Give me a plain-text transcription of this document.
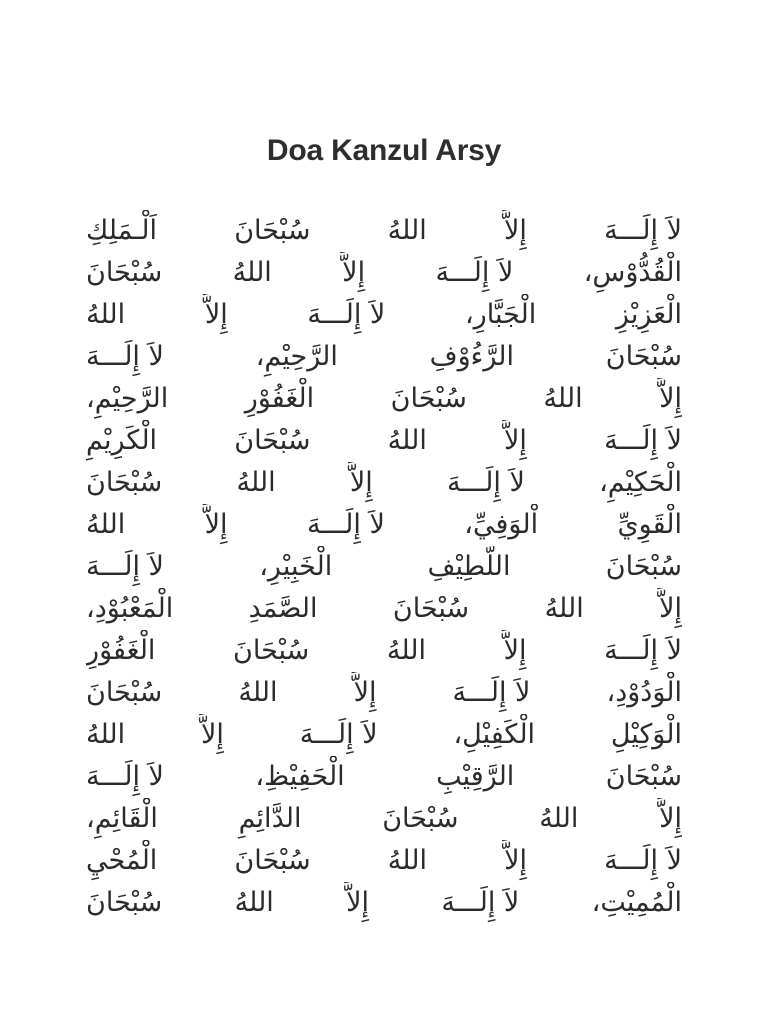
Doa Kanzul Arsy
لاَ إِلَـــهَ
إِلاَّ
اللهُ
سُبْحَانَ
اَلْـمَلِكِ
الْقُدُّوْسِ،
لاَ إِلَـــهَ
إِلاَّ
اللهُ
سُبْحَانَ
الْعَزِيْزِ
الْجَبَّارِ،
لاَ إِلَـــهَ
إِلاَّ
اللهُ
سُبْحَانَ
الرَّءُوْفِ
الرَّحِيْمِ،
لاَ إِلَـــهَ
إِلاَّ
اللهُ
سُبْحَانَ
الْغَفُوْرِ
الرَّحِيْمِ،
لاَ إِلَـــهَ
إِلاَّ
اللهُ
سُبْحَانَ
الْكَرِيْمِ
الْحَكِيْمِ،
لاَ إِلَـــهَ
إِلاَّ
اللهُ
سُبْحَانَ
الْقَوِيِّ
اْلوَفِيِّ،
لاَ إِلَـــهَ
إِلاَّ
اللهُ
سُبْحَانَ
اللَّطِيْفِ
الْخَبِيْرِ،
لاَ إِلَـــهَ
إِلاَّ
اللهُ
سُبْحَانَ
الصَّمَدِ
الْمَعْبُوْدِ،
لاَ إِلَـــهَ
إِلاَّ
اللهُ
سُبْحَانَ
الْغَفُوْرِ
الْوَدُوْدِ،
لاَ إِلَـــهَ
إِلاَّ
اللهُ
سُبْحَانَ
الْوَكِيْلِ
الْكَفِيْلِ،
لاَ إِلَـــهَ
إِلاَّ
اللهُ
سُبْحَانَ
الرَّقِيْبِ
الْحَفِيْظِ،
لاَ إِلَـــهَ
إِلاَّ
اللهُ
سُبْحَانَ
الدَّائِمِ
الْقَائِمِ،
لاَ إِلَـــهَ
إِلاَّ
اللهُ
سُبْحَانَ
الْمُحْيِ
الْمُمِيْتِ،
لاَ إِلَـــهَ
إِلاَّ
اللهُ
سُبْحَانَ
